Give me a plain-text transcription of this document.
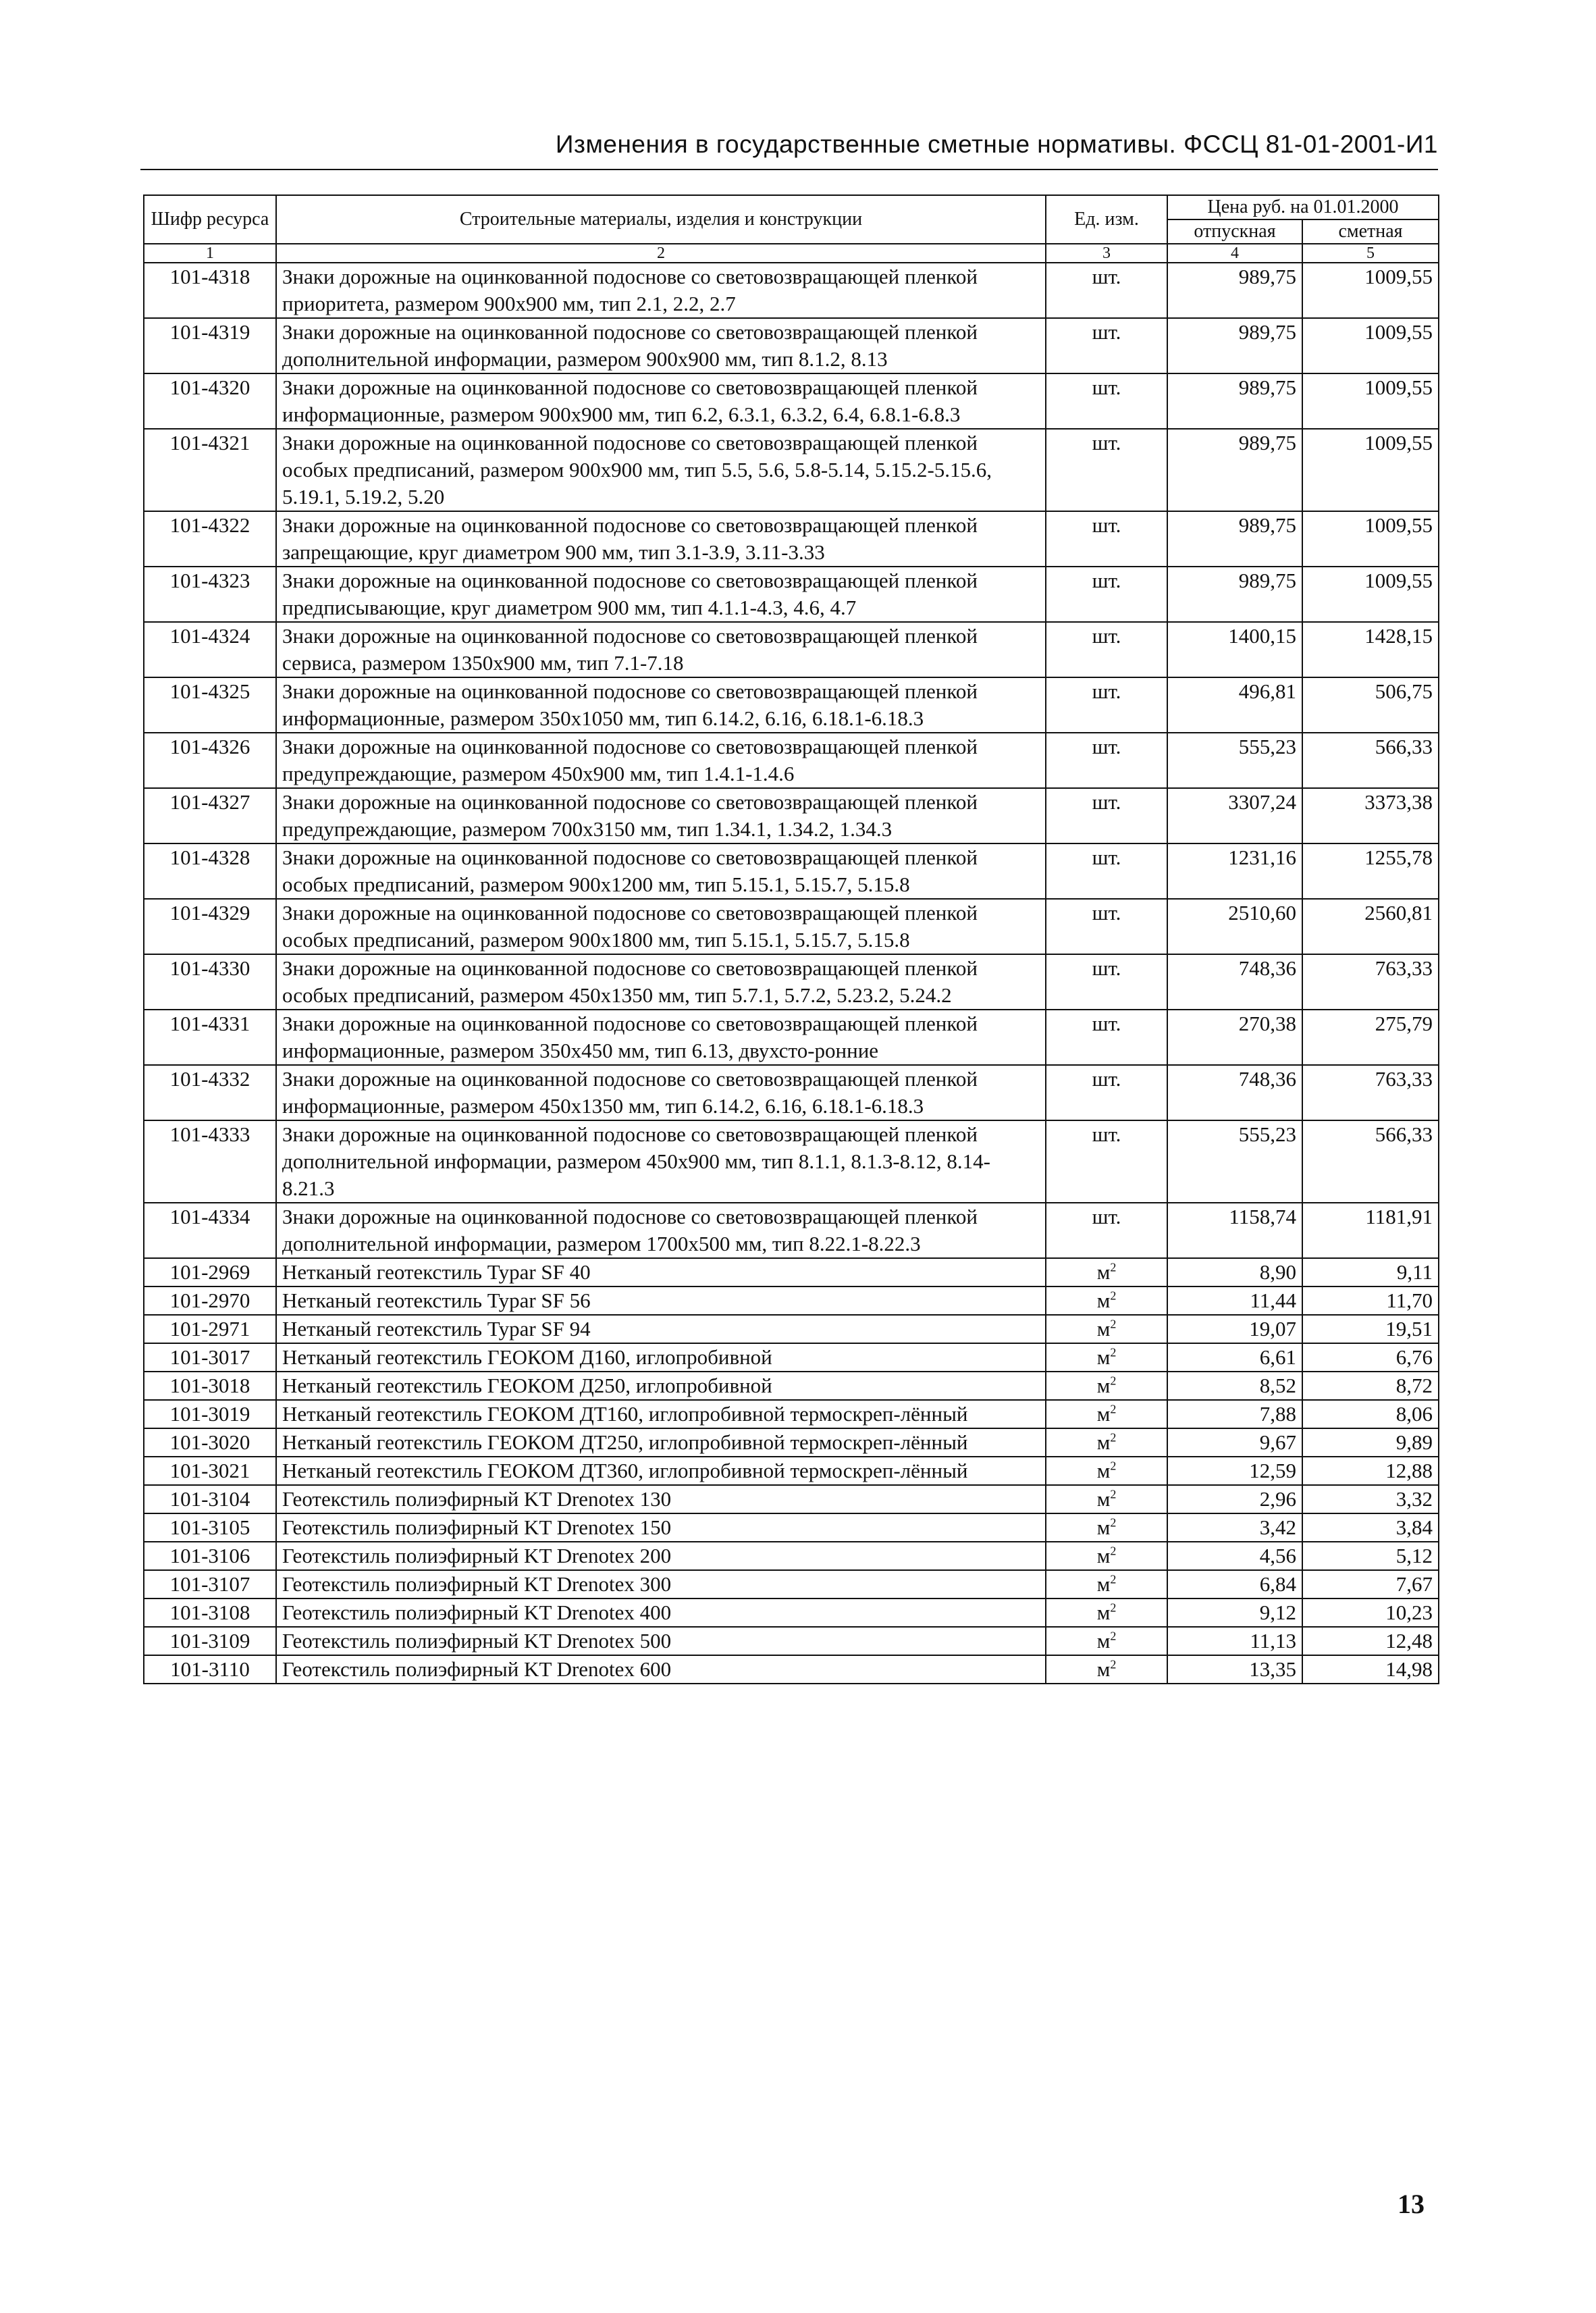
Изменения в государственные сметные нормативы. ФССЦ 81-01-2001-И1
Шифр ресурса	Строительные материалы, изделия и конструкции	Ед. изм.	Цена руб. на 01.01.2000	
			отпускная	сметная
1	2	3	4	5
101-4318	Знаки дорожные на оцинкованной подоснове со световозвращающей пленкой приоритета, размером 900х900 мм, тип 2.1, 2.2, 2.7	шт.	989,75	1009,55
101-4319	Знаки дорожные на оцинкованной подоснове со световозвращающей пленкой дополнительной информации, размером 900х900 мм, тип 8.1.2, 8.13	шт.	989,75	1009,55
101-4320	Знаки дорожные на оцинкованной подоснове со световозвращающей пленкой информационные, размером 900х900 мм, тип 6.2, 6.3.1, 6.3.2, 6.4, 6.8.1-6.8.3	шт.	989,75	1009,55
101-4321	Знаки дорожные на оцинкованной подоснове со световозвращающей пленкой особых предписаний, размером 900х900 мм, тип 5.5, 5.6, 5.8-5.14, 5.15.2-5.15.6, 5.19.1, 5.19.2, 5.20	шт.	989,75	1009,55
101-4322	Знаки дорожные на оцинкованной подоснове со световозвращающей пленкой запрещающие, круг диаметром 900 мм, тип 3.1-3.9, 3.11-3.33	шт.	989,75	1009,55
101-4323	Знаки дорожные на оцинкованной подоснове со световозвращающей пленкой предписывающие, круг диаметром 900 мм, тип 4.1.1-4.3, 4.6, 4.7	шт.	989,75	1009,55
101-4324	Знаки дорожные на оцинкованной подоснове со световозвращающей пленкой сервиса, размером 1350х900 мм, тип 7.1-7.18	шт.	1400,15	1428,15
101-4325	Знаки дорожные на оцинкованной подоснове со световозвращающей пленкой информационные, размером 350х1050 мм, тип 6.14.2, 6.16, 6.18.1-6.18.3	шт.	496,81	506,75
101-4326	Знаки дорожные на оцинкованной подоснове со световозвращающей пленкой предупреждающие, размером 450х900 мм, тип 1.4.1-1.4.6	шт.	555,23	566,33
101-4327	Знаки дорожные на оцинкованной подоснове со световозвращающей пленкой предупреждающие, размером 700х3150 мм, тип 1.34.1, 1.34.2, 1.34.3	шт.	3307,24	3373,38
101-4328	Знаки дорожные на оцинкованной подоснове со световозвращающей пленкой особых предписаний, размером 900х1200 мм, тип 5.15.1, 5.15.7, 5.15.8	шт.	1231,16	1255,78
101-4329	Знаки дорожные на оцинкованной подоснове со световозвращающей пленкой особых предписаний, размером 900х1800 мм, тип 5.15.1, 5.15.7, 5.15.8	шт.	2510,60	2560,81
101-4330	Знаки дорожные на оцинкованной подоснове со световозвращающей пленкой особых предписаний, размером 450х1350 мм, тип 5.7.1, 5.7.2, 5.23.2, 5.24.2	шт.	748,36	763,33
101-4331	Знаки дорожные на оцинкованной подоснове со световозвращающей пленкой информационные, размером 350х450 мм, тип 6.13, двухсто-ронние	шт.	270,38	275,79
101-4332	Знаки дорожные на оцинкованной подоснове со световозвращающей пленкой информационные, размером 450х1350 мм, тип 6.14.2, 6.16, 6.18.1-6.18.3	шт.	748,36	763,33
101-4333	Знаки дорожные на оцинкованной подоснове со световозвращающей пленкой дополнительной информации, размером 450х900 мм, тип 8.1.1, 8.1.3-8.12, 8.14-8.21.3	шт.	555,23	566,33
101-4334	Знаки дорожные на оцинкованной подоснове со световозвращающей пленкой дополнительной информации, размером 1700х500 мм, тип 8.22.1-8.22.3	шт.	1158,74	1181,91
101-2969	Нетканый геотекстиль Typar SF 40	$м^2$	8,90	9,11
101-2970	Нетканый геотекстиль Typar SF 56	$м^2$	11,44	11,70
101-2971	Нетканый геотекстиль Typar SF 94	$м^2$	19,07	19,51
101-3017	Нетканый геотекстиль ГЕОКОМ Д160, иглопробивной	$м^2$	6,61	6,76
101-3018	Нетканый геотекстиль ГЕОКОМ Д250, иглопробивной	$м^2$	8,52	8,72
101-3019	Нетканый геотекстиль ГЕОКОМ ДТ160, иглопробивной термоскреп-лённый	$м^2$	7,88	8,06
101-3020	Нетканый геотекстиль ГЕОКОМ ДТ250, иглопробивной термоскреп-лённый	$м^2$	9,67	9,89
101-3021	Нетканый геотекстиль ГЕОКОМ ДТ360, иглопробивной термоскреп-лённый	$м^2$	12,59	12,88
101-3104	Геотекстиль полиэфирный KT Drenotex 130	$м^2$	2,96	3,32
101-3105	Геотекстиль полиэфирный KT Drenotex 150	$м^2$	3,42	3,84
101-3106	Геотекстиль полиэфирный KT Drenotex 200	$м^2$	4,56	5,12
101-3107	Геотекстиль полиэфирный KT Drenotex 300	$м^2$	6,84	7,67
101-3108	Геотекстиль полиэфирный KT Drenotex 400	$м^2$	9,12	10,23
101-3109	Геотекстиль полиэфирный KT Drenotex 500	$м^2$	11,13	12,48
101-3110	Геотекстиль полиэфирный KT Drenotex 600	$м^2$	13,35	14,98
13
